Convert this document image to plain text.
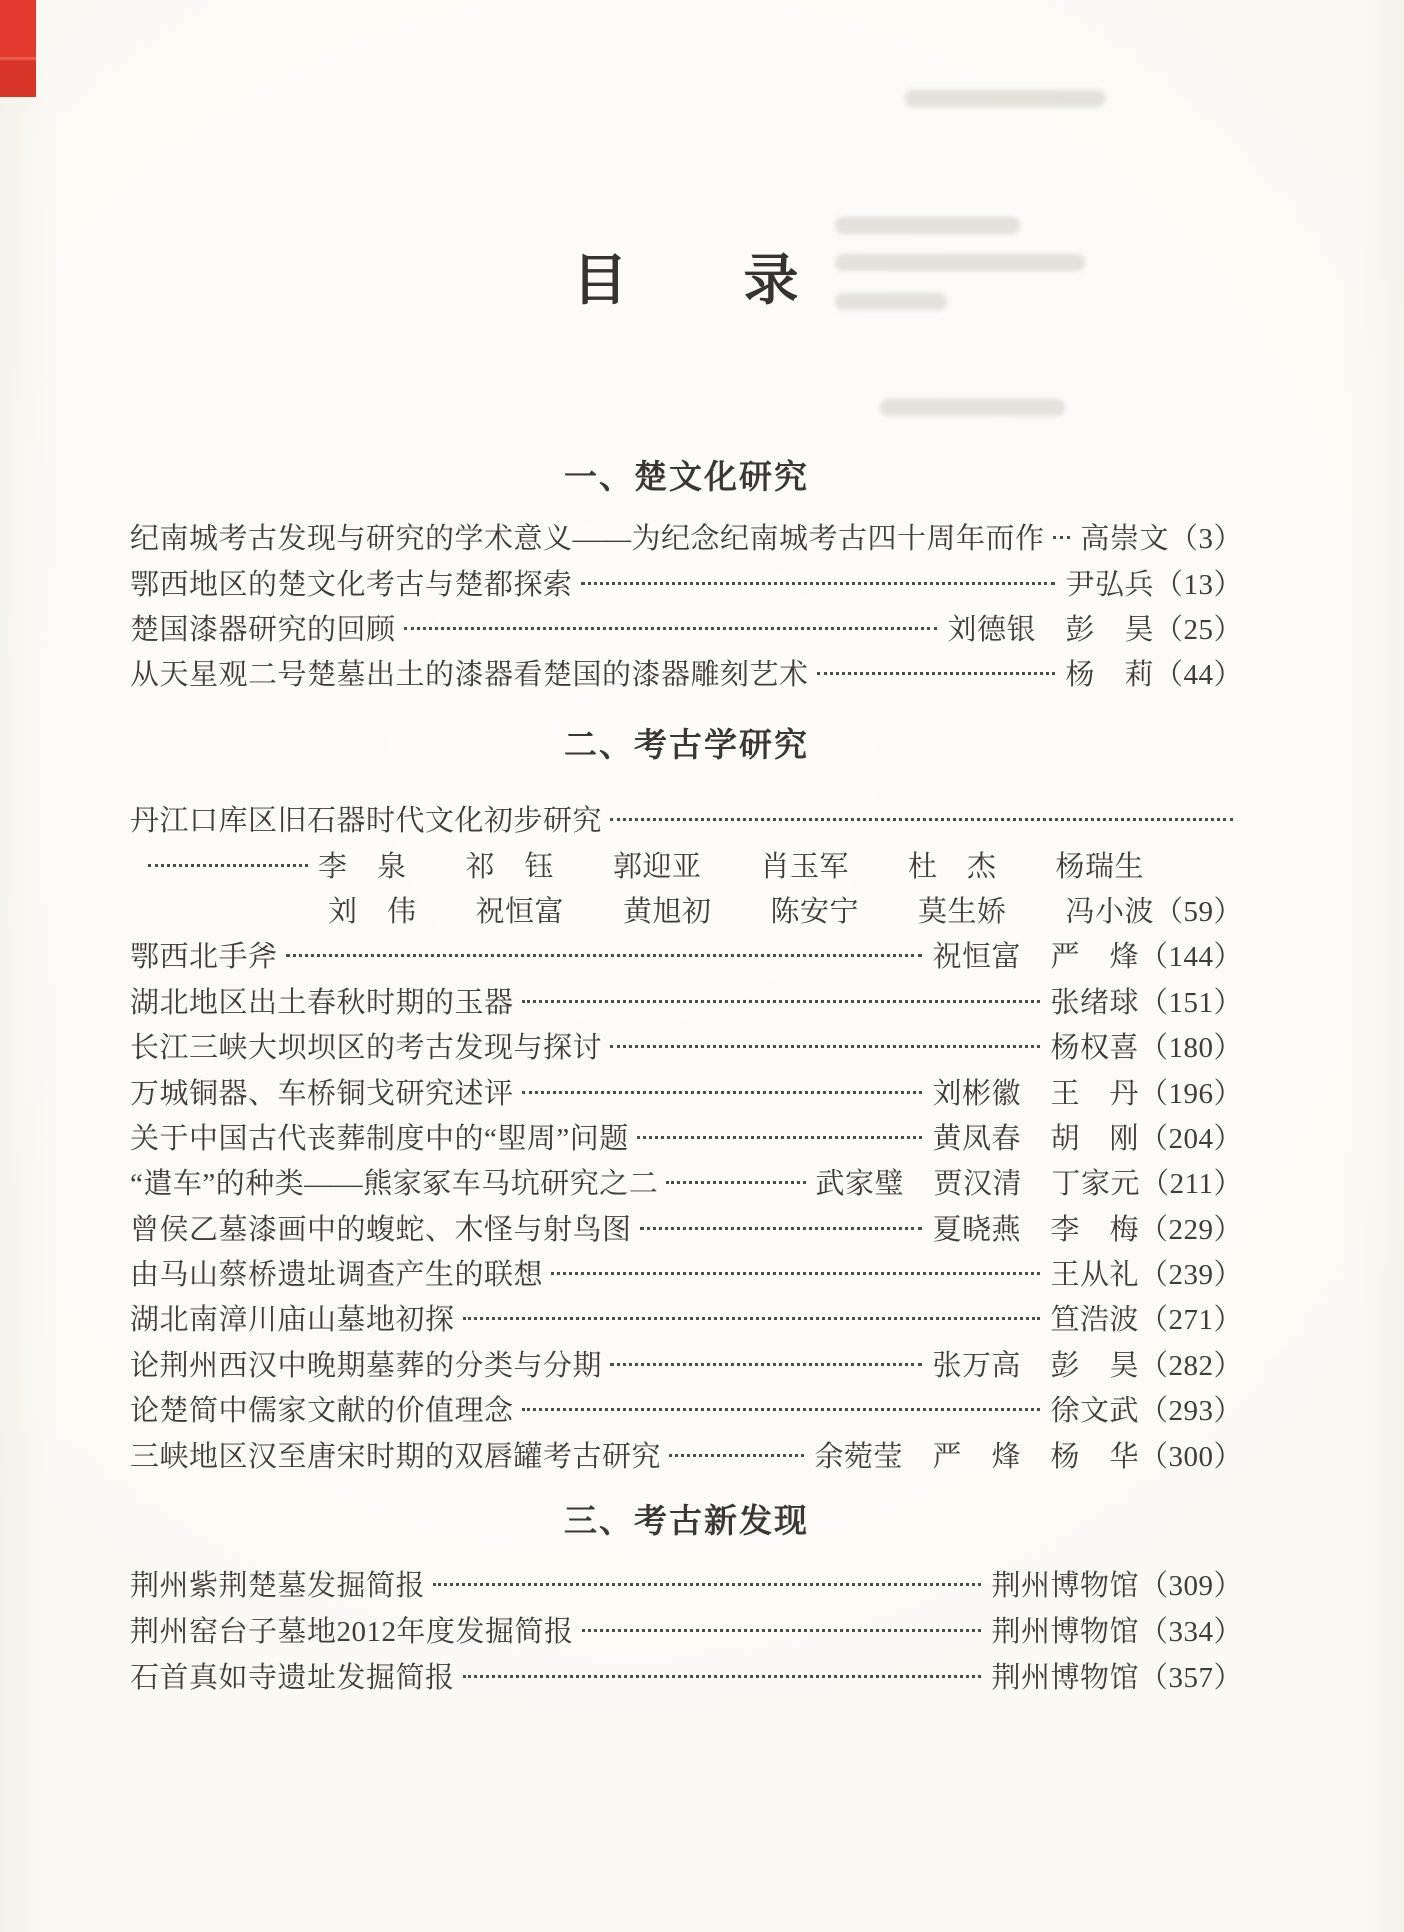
目　　录
一、楚文化研究
纪南城考古发现与研究的学术意义——为纪念纪南城考古四十周年而作 高崇文 （3）
鄂西地区的楚文化考古与楚都探索	尹弘兵 （13）
楚国漆器研究的回顾	刘德银　彭　昊 （25）
从天星观二号楚墓出土的漆器看楚国的漆器雕刻艺术	杨　莉 （44）
二、考古学研究
丹江口库区旧石器时代文化初步研究
李　泉　　祁　钰　　郭迎亚　　肖玉军　　杜　杰　　杨瑞生
刘　伟　　祝恒富　　黄旭初　　陈安宁　　莫生娇　　冯小波 （59）
鄂西北手斧	祝恒富　严　烽 （144）
湖北地区出土春秋时期的玉器	张绪球 （151）
长江三峡大坝坝区的考古发现与探讨	杨权喜 （180）
万城铜器、车桥铜戈研究述评	刘彬徽　王　丹 （196）
关于中国古代丧葬制度中的“堲周”问题	黄凤春　胡　刚 （204）
“遣车”的种类——熊家冢车马坑研究之二	武家璧　贾汉清　丁家元 （211）
曾侯乙墓漆画中的蝮蛇、木怪与射鸟图	夏晓燕　李　梅 （229）
由马山蔡桥遗址调查产生的联想	王从礼 （239）
湖北南漳川庙山墓地初探	笪浩波 （271）
论荆州西汉中晚期墓葬的分类与分期	张万高　彭　昊 （282）
论楚简中儒家文献的价值理念	徐文武 （293）
三峡地区汉至唐宋时期的双唇罐考古研究	余菀莹　严　烽　杨　华 （300）
三、考古新发现
荆州紫荆楚墓发掘简报	荆州博物馆 （309）
荆州窑台子墓地2012年度发掘简报	荆州博物馆 （334）
石首真如寺遗址发掘简报	荆州博物馆 （357）
